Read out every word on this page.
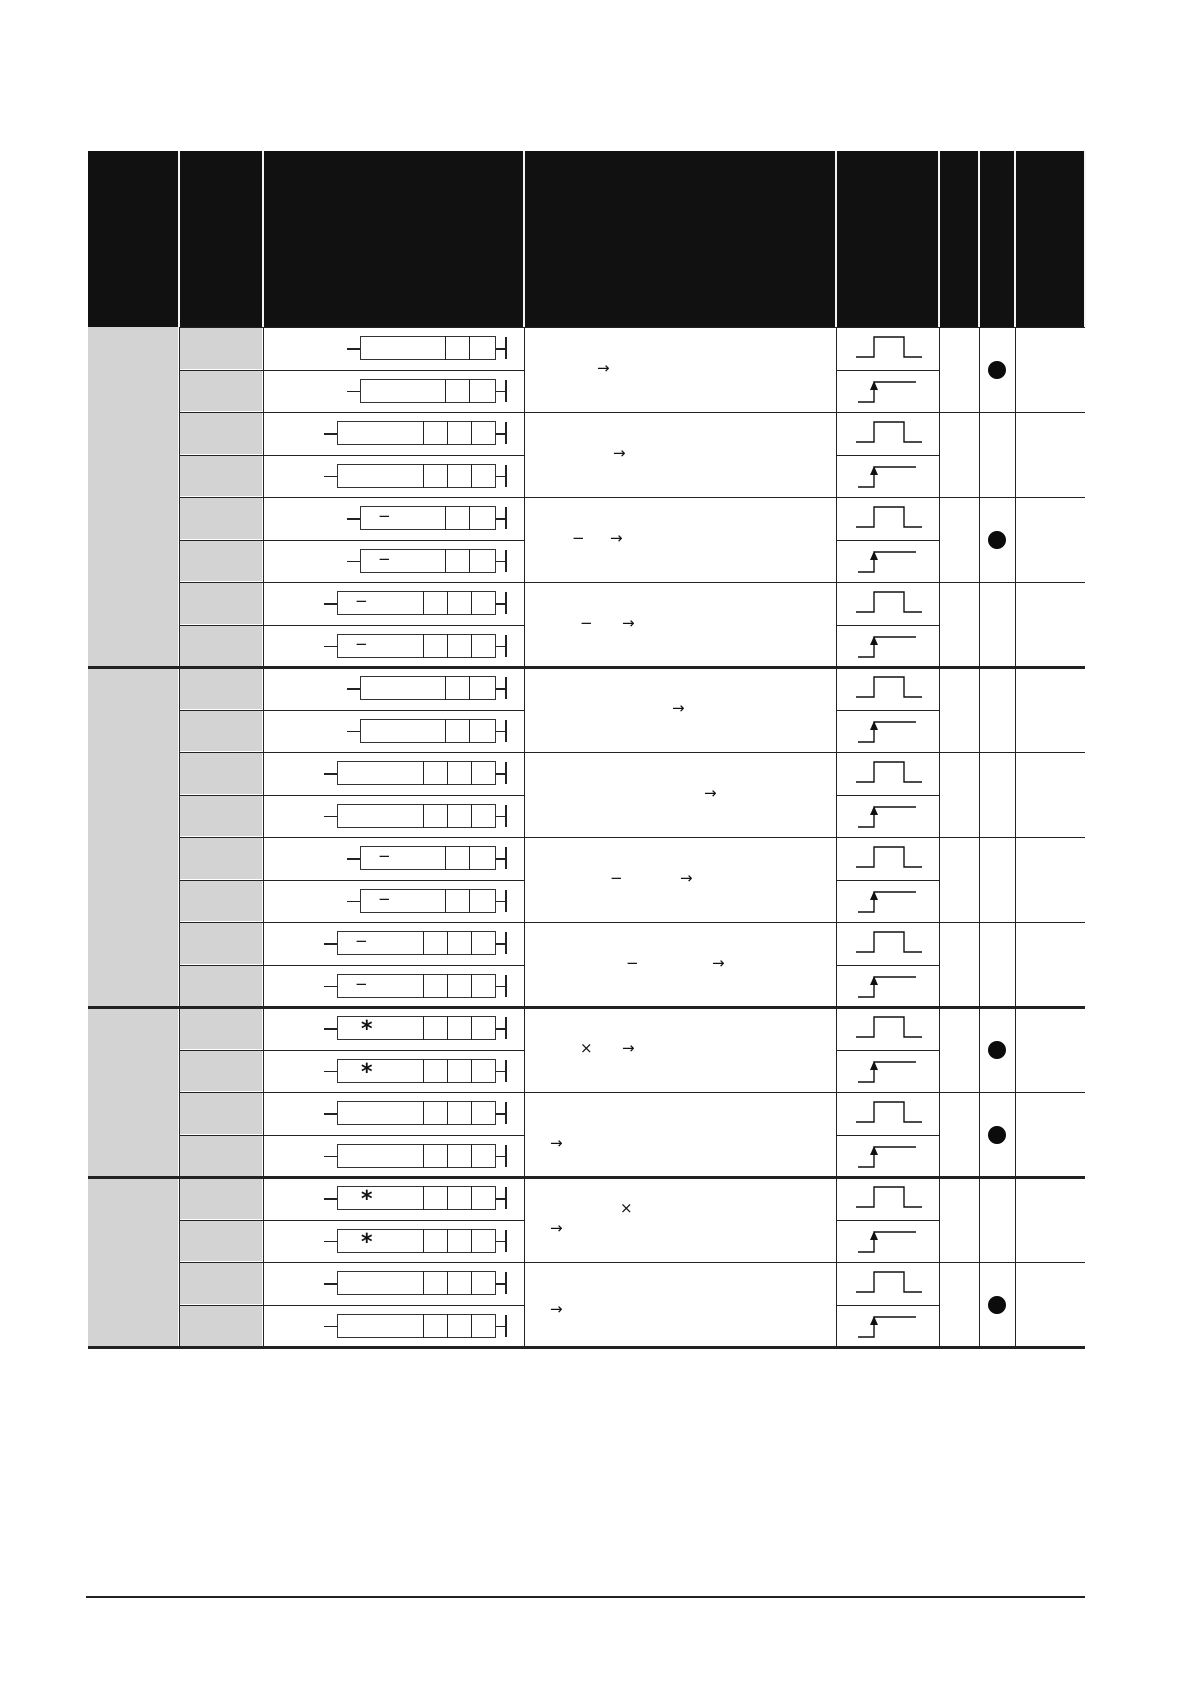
−
−
−
−
−
−
−
−
*
*
*
*
→
→
− →
− →
→
→
−	→
−	→
× →
→
×
→
→
